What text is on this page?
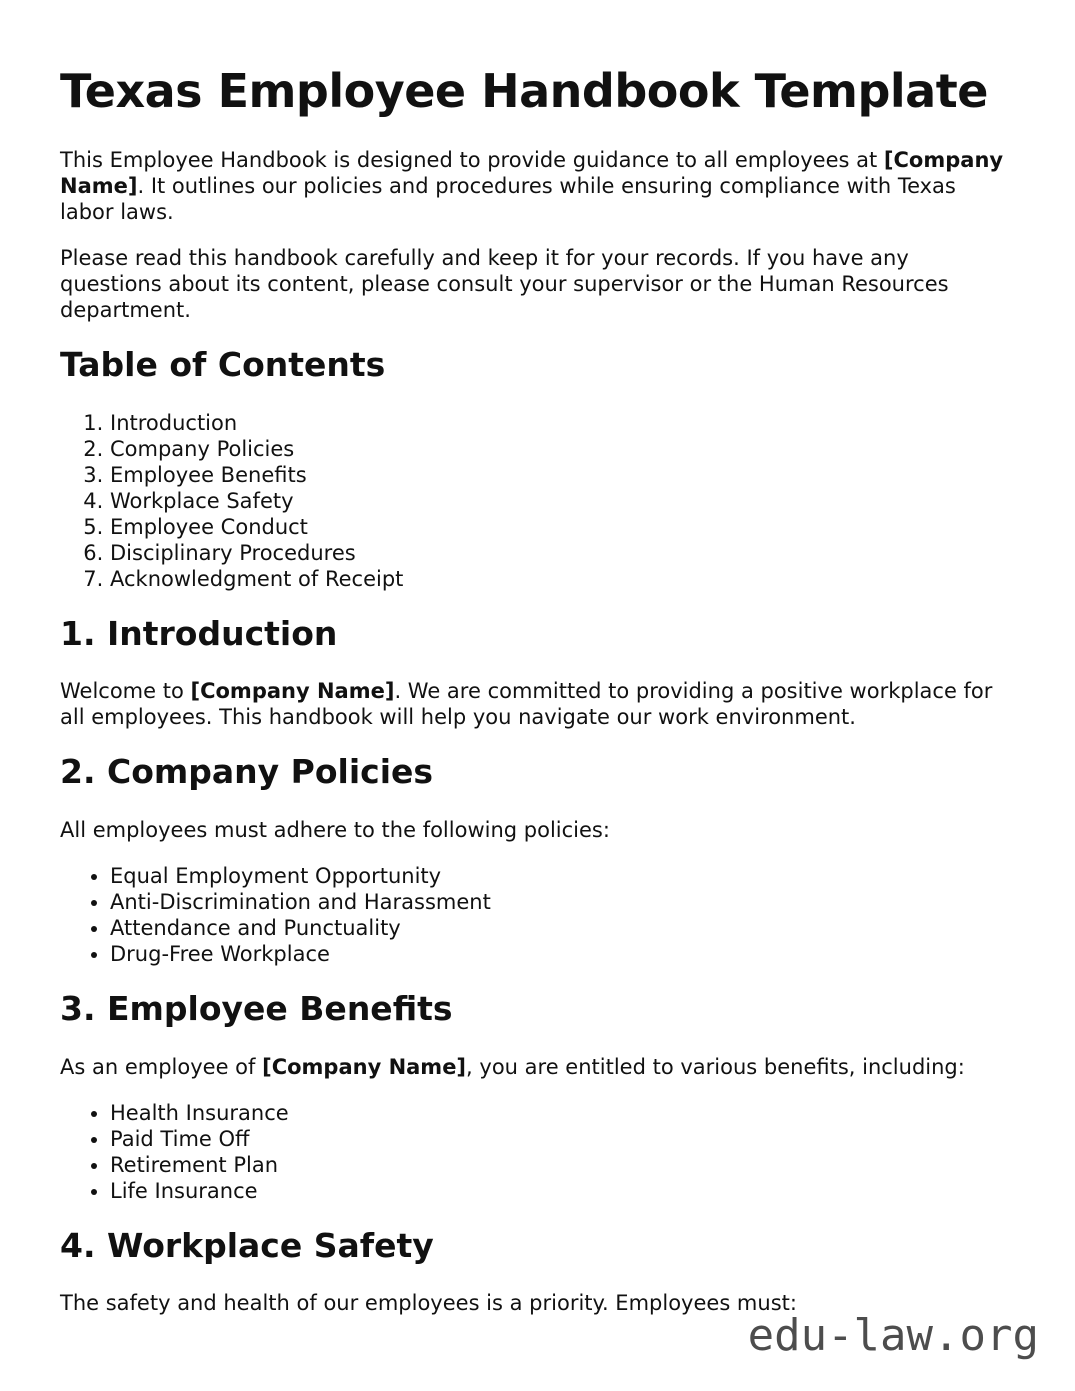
Texas Employee Handbook Template

This Employee Handbook is designed to provide guidance to all employees at [Company Name]. It outlines our policies and procedures while ensuring compliance with Texas labor laws.

Please read this handbook carefully and keep it for your records. If you have any questions about its content, please consult your supervisor or the Human Resources department.

Table of Contents
1. Introduction
2. Company Policies
3. Employee Benefits
4. Workplace Safety
5. Employee Conduct
6. Disciplinary Procedures
7. Acknowledgment of Receipt
1. Introduction

Welcome to [Company Name]. We are committed to providing a positive workplace for all employees. This handbook will help you navigate our work environment.

2. Company Policies

All employees must adhere to the following policies:

• Equal Employment Opportunity
• Anti-Discrimination and Harassment
• Attendance and Punctuality
• Drug-Free Workplace
3. Employee Benefits

As an employee of [Company Name], you are entitled to various benefits, including:

• Health Insurance
• Paid Time Off
• Retirement Plan
• Life Insurance
4. Workplace Safety

The safety and health of our employees is a priority. Employees must:

edu-law.org
